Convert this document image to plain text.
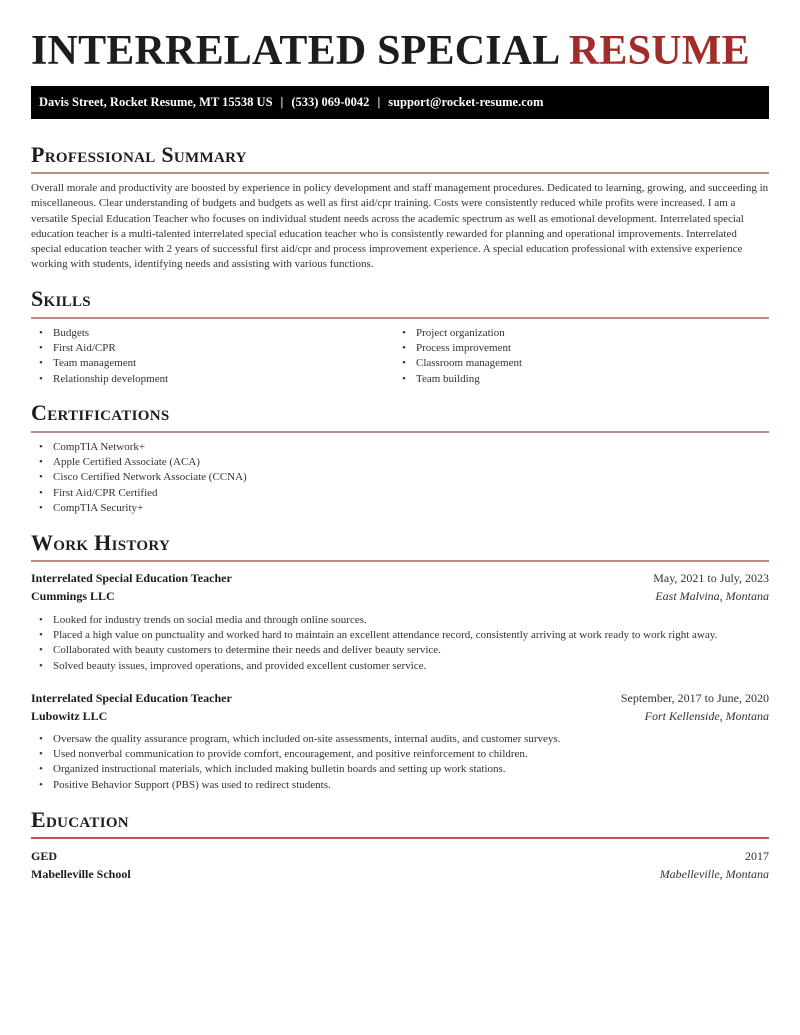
INTERRELATED SPECIAL RESUME
Davis Street, Rocket Resume, MT 15538 US | (533) 069-0042 | support@rocket-resume.com
Professional Summary
Overall morale and productivity are boosted by experience in policy development and staff management procedures. Dedicated to learning, growing, and succeeding in miscellaneous. Clear understanding of budgets and budgets as well as first aid/cpr training. Costs were consistently reduced while profits were increased. I am a versatile Special Education Teacher who focuses on individual student needs across the academic spectrum as well as emotional development. Interrelated special education teacher is a multi-talented interrelated special education teacher who is consistently rewarded for planning and operational improvements. Interrelated special education teacher with 2 years of successful first aid/cpr and process improvement experience. A special education professional with extensive experience working with students, identifying needs and assisting with various functions.
Skills
• Budgets
• First Aid/CPR
• Team management
• Relationship development
• Project organization
• Process improvement
• Classroom management
• Team building
Certifications
• CompTIA Network+
• Apple Certified Associate (ACA)
• Cisco Certified Network Associate (CCNA)
• First Aid/CPR Certified
• CompTIA Security+
Work History
Interrelated Special Education Teacher	May, 2021 to July, 2023
Cummings LLC	East Malvina, Montana
• Looked for industry trends on social media and through online sources.
• Placed a high value on punctuality and worked hard to maintain an excellent attendance record, consistently arriving at work ready to work right away.
• Collaborated with beauty customers to determine their needs and deliver beauty service.
• Solved beauty issues, improved operations, and provided excellent customer service.
Interrelated Special Education Teacher	September, 2017 to June, 2020
Lubowitz LLC	Fort Kellenside, Montana
• Oversaw the quality assurance program, which included on-site assessments, internal audits, and customer surveys.
• Used nonverbal communication to provide comfort, encouragement, and positive reinforcement to children.
• Organized instructional materials, which included making bulletin boards and setting up work stations.
• Positive Behavior Support (PBS) was used to redirect students.
Education
GED	2017
Mabelleville School	Mabelleville, Montana
